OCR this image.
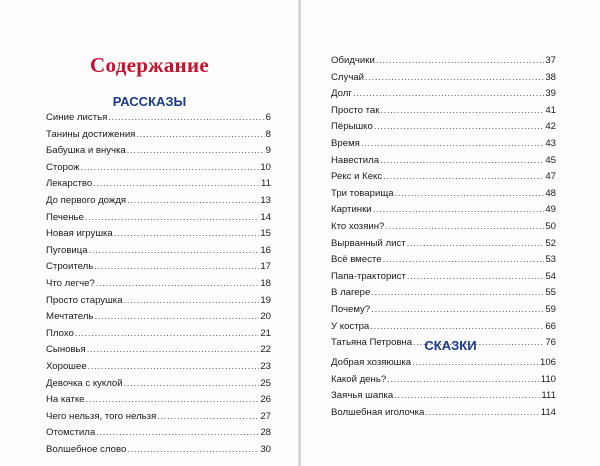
Содержание
РАССКАЗЫ
Синие листья .....	6
Танины достижения .....	8
Бабушка и внучка .....	9
Сторож .....	10
Лекарство .....	11
До первого дождя .....	13
Печенье .....	14
Новая игрушка .....	15
Пуговица .....	16
Строитель .....	17
Что легче? .....	18
Просто старушка .....	19
Мечтатель .....	20
Плохо .....	21
Сыновья .....	22
Хорошее .....	23
Девочка с куклой .....	25
На катке .....	26
Чего нельзя, того нельзя .....	27
Отомстила .....	28
Волшебное слово .....	30
Обидчики .....	37
Случай .....	38
Долг .....	39
Просто так .....	41
Пёрышко .....	42
Время .....	43
Навестила .....	45
Рекс и Кекс .....	47
Три товарища .....	48
Картинки .....	49
Кто хозяин? .....	50
Вырванный лист .....	52
Всё вместе .....	53
Папа-тракторист .....	54
В лагере .....	55
Почему? .....	59
У костра .....	66
Татьяна Петровна .....	76
СКАЗКИ
Добрая хозяюшка .....	106
Какой день? .....	110
Заячья шапка .....	111
Волшебная иголочка .....	114
